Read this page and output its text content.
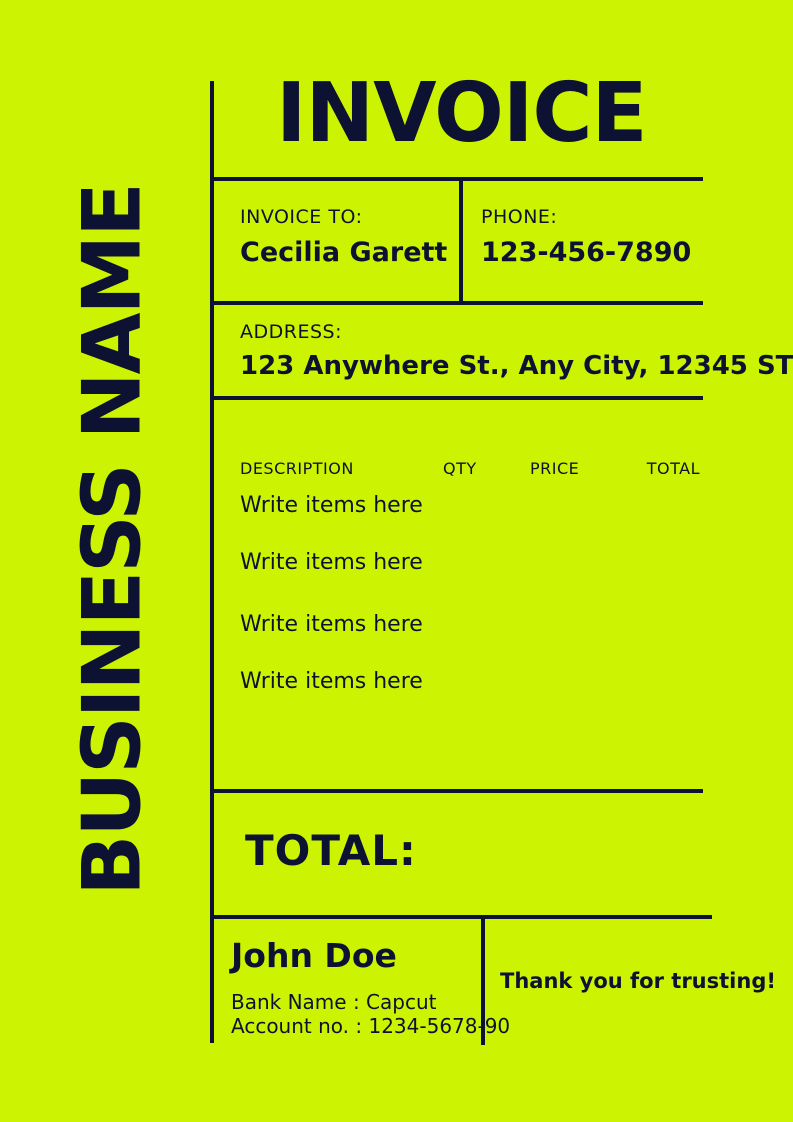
BUSINESS NAME
INVOICE
INVOICE TO:
Cecilia Garett
PHONE:
123-456-7890
ADDRESS:
123 Anywhere St., Any City, 12345 ST
DESCRIPTION	QTY	PRICE	TOTAL
Write items here
Write items here
Write items here
Write items here
TOTAL:
John Doe
Bank Name : Capcut
Account no. : 1234-5678-90
Thank you for trusting!
